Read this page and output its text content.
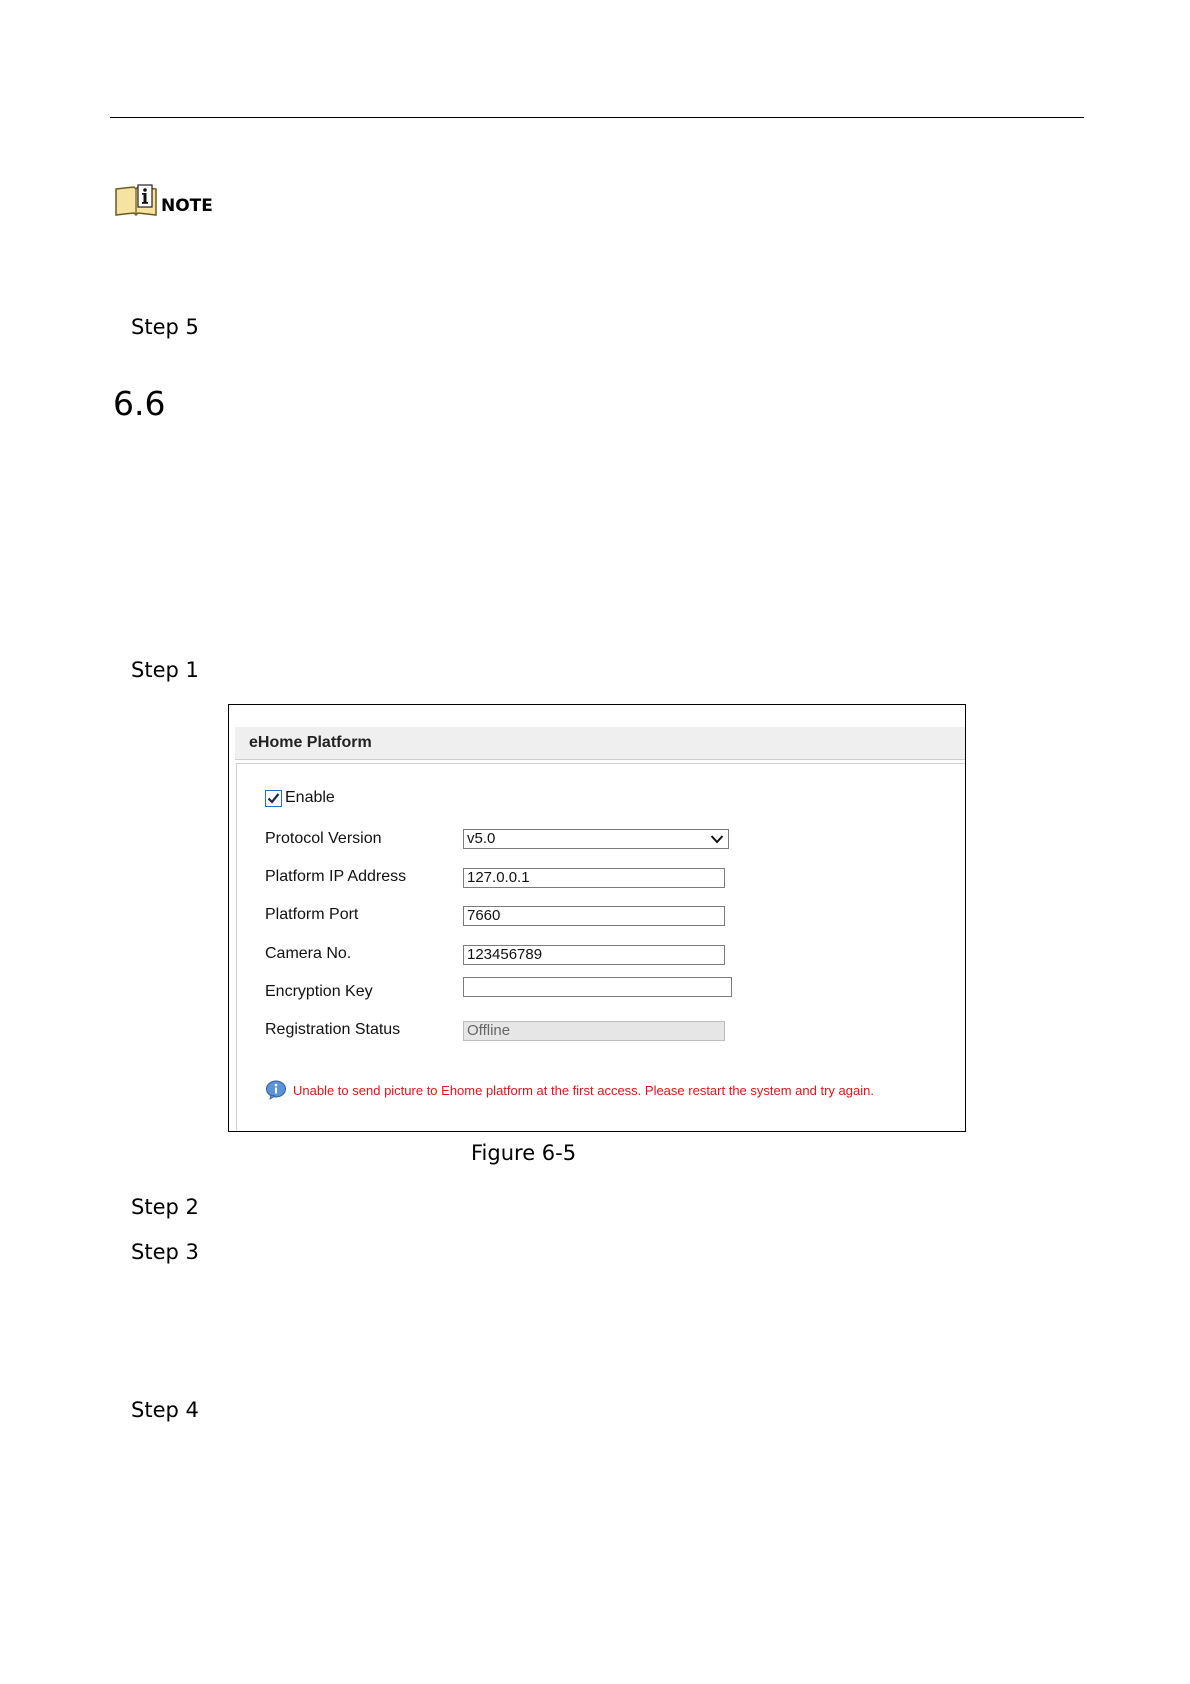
NOTE
Step 5
6.6
Step 1
eHome Platform
Enable
Protocol Version	v5.0
Platform IP Address	127.0.0.1
Platform Port	7660
Camera No.	123456789
Encryption Key
Registration Status	Offline
Unable to send picture to Ehome platform at the first access. Please restart the system and try again.
Figure 6-5
Step 2
Step 3
Step 4
